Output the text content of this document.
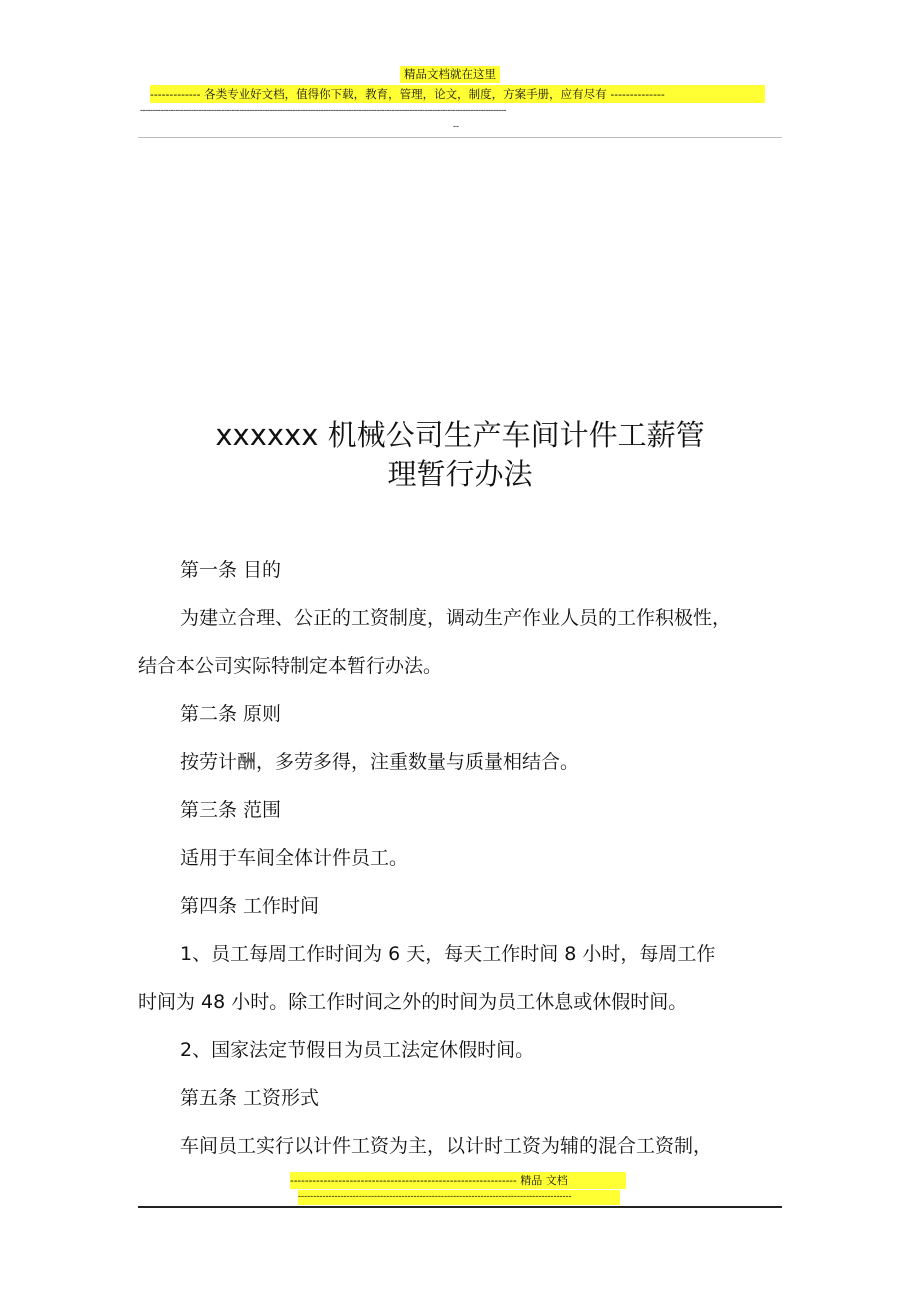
精品文档就在这里
------------- 各类专业好文档，值得你下载，教育，管理，论文，制度，方案手册，应有尽有 --------------
------------------------------------------------------------------------------------------------------------------------------------------------
--
xxxxxx 机械公司生产车间计件工薪管
理暂行办法
第一条 目的
为建立合理、公正的工资制度，调动生产作业人员的工作积极性，
结合本公司实际特制定本暂行办法。
第二条 原则
按劳计酬，多劳多得，注重数量与质量相结合。
第三条 范围
适用于车间全体计件员工。
第四条 工作时间
1、员工每周工作时间为 6 天，每天工作时间 8 小时，每周工作
时间为 48 小时。除工作时间之外的时间为员工休息或休假时间。
2、国家法定节假日为员工法定休假时间。
第五条 工资形式
车间员工实行以计件工资为主，以计时工资为辅的混合工资制，
------------------------------------------------------------- 精品 文档
------------------------------------------------------------------------------------------
